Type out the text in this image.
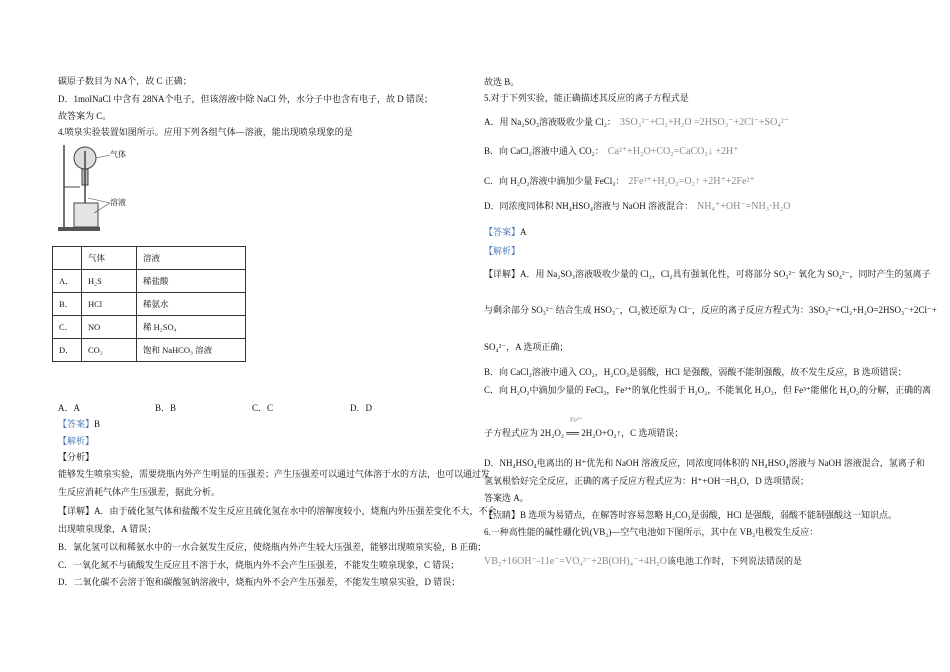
碳原子数目为 NA个，故 C 正确；
D．1molNaCl 中含有 28NA个电子，但该溶液中除 NaCl 外，水分子中也含有电子，故 D 错误；
故答案为 C。
4.喷泉实验装置如图所示。应用下列各组气体—溶液，能出现喷泉现象的是
气体
溶液
	气体	溶液
A．	H₂S	稀盐酸
B．	HCl	稀氨水
C．	NO	稀 H₂SO₄
D．	CO₂	饱和 NaHCO₃ 溶液
A．A	B．B	C．C	D．D
【答案】B
【解析】
【分析】
能够发生喷泉实验，需要烧瓶内外产生明显的压强差；产生压强差可以通过气体溶于水的方法，也可以通过发
生反应消耗气体产生压强差，据此分析。
【详解】A．由于硫化氢气体和盐酸不发生反应且硫化氢在水中的溶解度较小，烧瓶内外压强差变化不大，不会
出现喷泉现象，A 错误；
B．氯化氢可以和稀氨水中的一水合氨发生反应，使烧瓶内外产生较大压强差，能够出现喷泉实验，B 正确；
C．一氧化氮不与硫酸发生反应且不溶于水，烧瓶内外不会产生压强差，不能发生喷泉现象，C 错误；
D．二氧化碳不会溶于饱和碳酸氢钠溶液中，烧瓶内外不会产生压强差，不能发生喷泉实验，D 错误；
故选 B。
5.对于下列实验，能正确描述其反应的离子方程式是
A．用 Na₂SO₃溶液吸收少量 Cl₂： 3SO₃²⁻+Cl₂+H₂O =2HSO₃⁻+2Cl⁻+SO₄²⁻
B．向 CaCl₂溶液中通入 CO₂： Ca²⁺+H₂O+CO₂=CaCO₃↓ +2H⁺
C．向 H₂O₂溶液中滴加少量 FeCl₃： 2Fe³⁺+H₂O₂=O₂↑ +2H⁺+2Fe²⁺
D．同浓度同体积 NH₄HSO₄溶液与 NaOH 溶液混合： NH₄⁺+OH⁻=NH₃·H₂O
【答案】A
【解析】
【详解】A．用 Na₂SO₃溶液吸收少量的 Cl₂，Cl₂具有强氧化性，可将部分 SO₃²⁻ 氧化为 SO₄²⁻，同时产生的氢离子
与剩余部分 SO₃²⁻ 结合生成 HSO₃⁻，Cl₂被还原为 Cl⁻，反应的离子反应方程式为：3SO₃²⁻+Cl₂+H₂O=2HSO₃⁻+2Cl⁻+
SO₄²⁻，A 选项正确；
B．向 CaCl₂溶液中通入 CO₂，H₂CO₃是弱酸，HCl 是强酸，弱酸不能制强酸，故不发生反应，B 选项错误；
C．向 H₂O₂中滴加少量的 FeCl₃，Fe³⁺的氧化性弱于 H₂O₂，不能氧化 H₂O₂，但 Fe³⁺能催化 H₂O₂的分解，正确的离
Fe³⁺
子方程式应为 2H₂O₂ ══ 2H₂O+O₂↑，C 选项错误；
D．NH₄HSO₄电离出的 H⁺优先和 NaOH 溶液反应，同浓度同体积的 NH₄HSO₄溶液与 NaOH 溶液混合，氢离子和
氢氧根恰好完全反应，正确的离子反应方程式应为：H⁺+OH⁻=H₂O，D 选项错误；
答案选 A。
【点睛】B 选项为易错点，在解答时容易忽略 H₂CO₃是弱酸，HCl 是强酸，弱酸不能制强酸这一知识点。
6.一种高性能的碱性硼化钒(VB₂)—空气电池如下图所示，其中在 VB₂电极发生反应：
VB₂+16OH⁻-11e⁻=VO₄³⁻+2B(OH)₄⁻+4H₂O该电池工作时，下列说法错误的是
